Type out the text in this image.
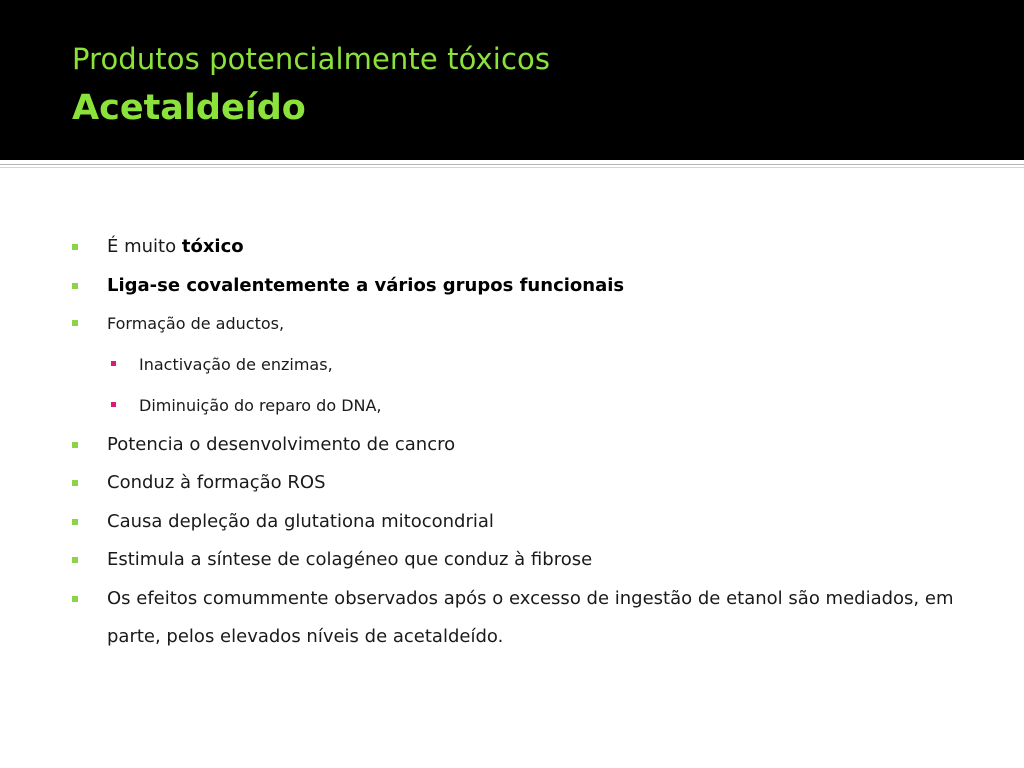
Produtos potencialmente tóxicos
Acetaldeído
É muito tóxico
Liga-se covalentemente a vários grupos funcionais
Formação de aductos,
Inactivação de enzimas,
Diminuição do reparo do DNA,
Potencia o desenvolvimento de cancro
Conduz à formação ROS
Causa depleção da glutationa mitocondrial
Estimula a síntese de colagéneo que conduz à fibrose
Os efeitos comummente observados após o excesso de ingestão de etanol são mediados, em parte, pelos elevados níveis de acetaldeído.
